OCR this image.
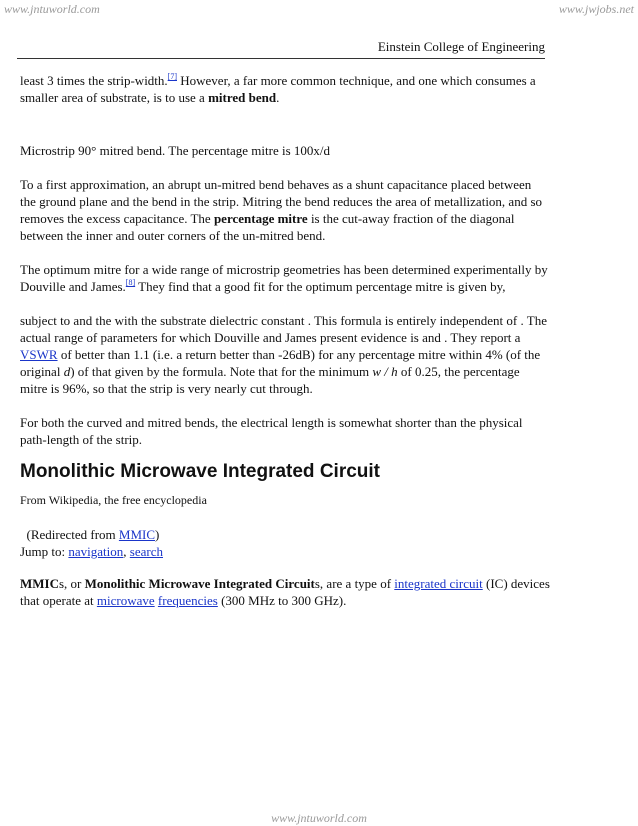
www.jntuworld.com	www.jwjobs.net
Einstein College of Engineering

least 3 times the strip-width.[7] However, a far more common technique, and one which consumes a smaller area of substrate, is to use a mitred bend.

Microstrip 90° mitred bend. The percentage mitre is 100x/d

To a first approximation, an abrupt un-mitred bend behaves as a shunt capacitance placed between the ground plane and the bend in the strip. Mitring the bend reduces the area of metallization, and so removes the excess capacitance. The percentage mitre is the cut-away fraction of the diagonal between the inner and outer corners of the un-mitred bend.

The optimum mitre for a wide range of microstrip geometries has been determined experimentally by Douville and James.[8] They find that a good fit for the optimum percentage mitre is given by,

subject to and the with the substrate dielectric constant . This formula is entirely independent of . The actual range of parameters for which Douville and James present evidence is and . They report a VSWR of better than 1.1 (i.e. a return better than -26dB) for any percentage mitre within 4% (of the original d) of that given by the formula. Note that for the minimum w / h of 0.25, the percentage mitre is 96%, so that the strip is very nearly cut through.

For both the curved and mitred bends, the electrical length is somewhat shorter than the physical path-length of the strip.

Monolithic Microwave Integrated Circuit

From Wikipedia, the free encyclopedia

(Redirected from MMIC)

Jump to: navigation, search

MMICs, or Monolithic Microwave Integrated Circuits, are a type of integrated circuit (IC) devices that operate at microwave frequencies (300 MHz to 300 GHz).

www.jntuworld.com
